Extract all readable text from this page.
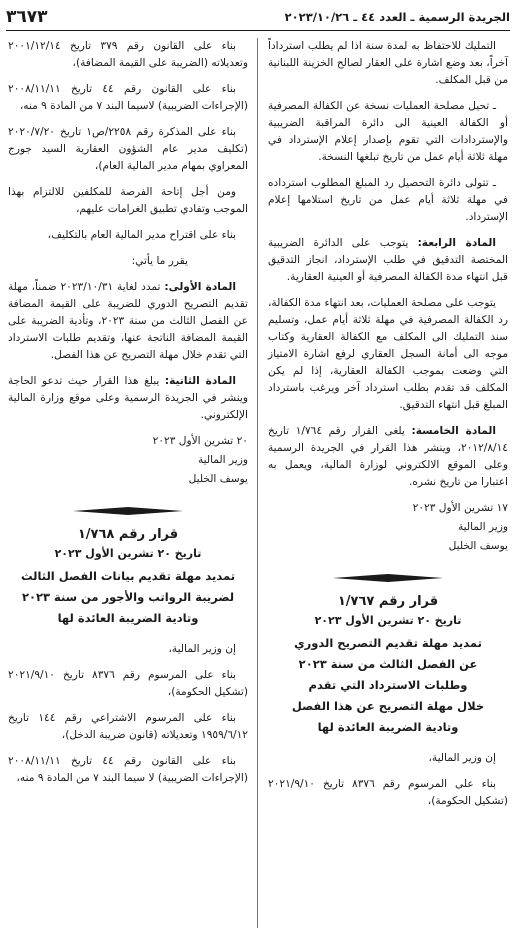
الجريدة الرسمية ـ العدد ٤٤ ـ ٢٠٢٣/١٠/٢٦
٣٦٧٣

التمليك للاحتفاظ به لمدة سنة اذا لم يطلب استرداداً آخراً، بعد وضع اشارة على العقار لصالح الخزينة اللبنانية من قبل المكلف.

ـ تحيل مصلحة العمليات نسخة عن الكفالة المصرفية أو الكفالة العينية الى دائرة المراقبة الضريبية والإستردادات التي تقوم بإصدار إعلام الإسترداد في مهلة ثلاثة أيام عمل من تاريخ تبلغها النسخة.

ـ تتولى دائرة التحصيل رد المبلغ المطلوب استرداده في مهلة ثلاثة أيام عمل من تاريخ استلامها إعلام الإسترداد.

المادة الرابعة: يتوجب على الدائرة الضريبية المختصة التدقيق في طلب الإسترداد، انجاز التدقيق قبل انتهاء مدة الكفالة المصرفية أو العينية العقارية.

يتوجب على مصلحة العمليات، بعد انتهاء مدة الكفالة، رد الكفالة المصرفية في مهلة ثلاثة أيام عمل، وتسليم سند التمليك الى المكلف مع الكفالة العقارية وكتاب موجه الى أمانة السجل العقاري لرفع اشارة الامتياز التي وضعت بموجب الكفالة العقارية، إذا لم يكن المكلف قد تقدم بطلب استرداد آخر ويرغب باسترداد المبلغ قبل انتهاء التدقيق.

المادة الخامسة: يلغى القرار رقم ١/٧٦٤ تاريخ ٢٠١٢/٨/١٤، وينشر هذا القرار في الجريدة الرسمية وعلى الموقع الالكتروني لوزارة المالية، ويعمل به اعتبارا من تاريخ نشره.

١٧ تشرين الأول ٢٠٢٣
وزير المالية
يوسف الخليل
قرار رقم ١/٧٦٧
تاريخ ٢٠ تشرين الأول ٢٠٢٣
تمديد مهلة تقديم التصريح الدوري
عن الفصل الثالث من سنة ٢٠٢٣
وطلبات الاسترداد التي تقدم
خلال مهلة التصريح عن هذا الفصل
وتادية الضريبة العائدة لها

إن وزير المالية،

بناء على المرسوم رقم ٨٣٧٦ تاريخ ٢٠٢١/٩/١٠ (تشكيل الحكومة)،

بناء على القانون رقم ٣٧٩ تاريخ ٢٠٠١/١٢/١٤ وتعديلاته (الضريبة على القيمة المضافة)،

بناء على القانون رقم ٤٤ تاريخ ٢٠٠٨/١١/١١ (الإجراءات الضريبية) لاسيما البند ٧ من المادة ٩ منه،

بناء على المذكرة رقم ٢٢٥٨/ص١ تاريخ ٢٠٢٠/٧/٢٠ (تكليف مدير عام الشؤون العقارية السيد جورج المعراوي بمهام مدير المالية العام)،

ومن أجل إتاحة الفرصة للمكلفين للالتزام بهذا الموجب وتفادي تطبيق الغرامات عليهم،

بناء على اقتراح مدير المالية العام بالتكليف،

يقرر ما يأتي:

المادة الأولى: تمدد لغاية ٢٠٢٣/١٠/٣١ ضمناً، مهلة تقديم التصريح الدوري للضريبة على القيمة المضافة عن الفصل الثالث من سنة ٢٠٢٣، وتأدية الضريبة على القيمة المضافة الناتجة عنها، وتقديم طلبات الاسترداد التي تقدم خلال مهلة التصريح عن هذا الفصل.

المادة الثانية: يبلغ هذا القرار حيث تدعو الحاجة وينشر في الجريدة الرسمية وعلى موقع وزارة المالية الإلكتروني.

٢٠ تشرين الأول ٢٠٢٣
وزير المالية
يوسف الخليل
قرار رقم ١/٧٦٨
تاريخ ٢٠ تشرين الأول ٢٠٢٣
تمديد مهلة تقديم بيانات الفصل الثالث
لضريبة الرواتب والأجور من سنة ٢٠٢٣
وتادية الضريبة العائدة لها

إن وزير المالية،

بناء على المرسوم رقم ٨٣٧٦ تاريخ ٢٠٢١/٩/١٠ (تشكيل الحكومة)،

بناء على المرسوم الاشتراعي رقم ١٤٤ تاريخ ١٩٥٩/٦/١٢ وتعديلاته (قانون ضريبة الدخل)،

بناء على القانون رقم ٤٤ تاريخ ٢٠٠٨/١١/١١ (الإجراءات الضريبية) لا سيما البند ٧ من المادة ٩ منه،
